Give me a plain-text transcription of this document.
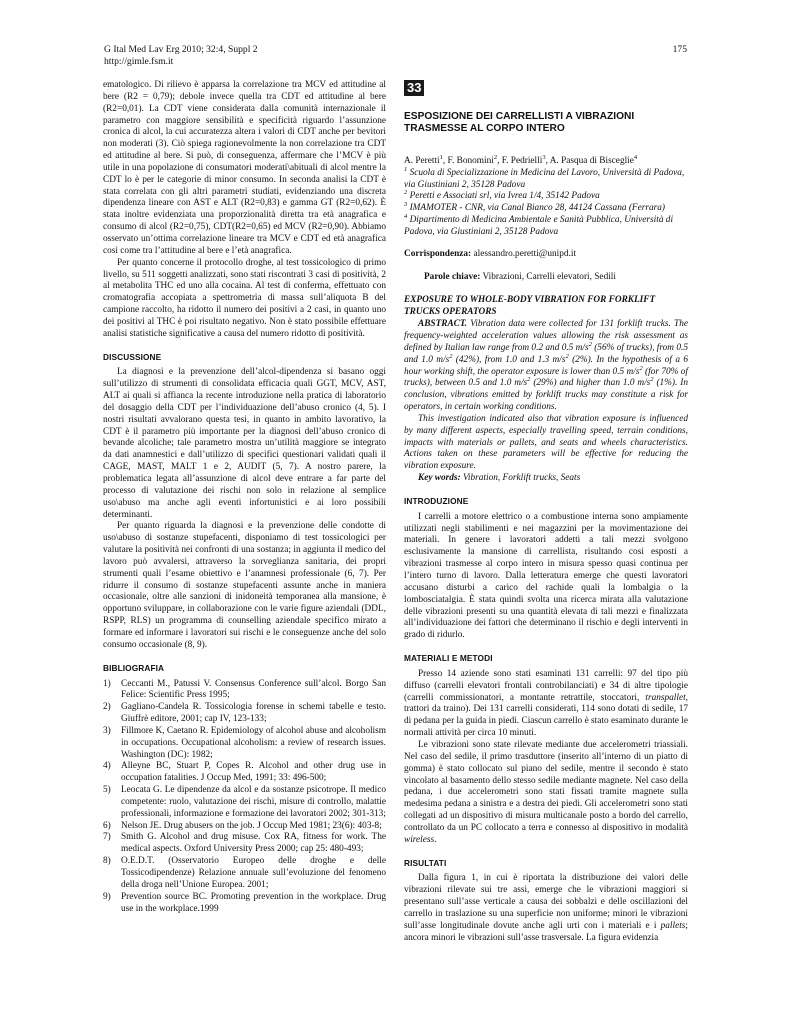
G Ital Med Lav Erg 2010; 32:4, Suppl 2
http://gimle.fsm.it
175

ematologico. Di rilievo è apparsa la correlazione tra MCV ed attitudine al bere (R2 = 0,79); debole invece quella tra CDT ed attitudine al bere (R2=0,01). La CDT viene considerata dalla comunità internazionale il parametro con maggiore sensibilità e specificità riguardo l’assunzione cronica di alcol, la cui accuratezza altera i valori di CDT anche per bevitori non moderati (3). Ciò spiega ragionevolmente la non correlazione tra CDT ed attitudine al bere. Si può, di conseguenza, affermare che l’MCV è più utile in una popolazione di consumatori moderati\abituali di alcol mentre la CDT lo è per le categorie di minor consumo. In seconda analisi la CDT è stata correlata con gli altri parametri studiati, evidenziando una discreta dipendenza lineare con AST e ALT (R2=0,83) e gamma GT (R2=0,62). È stata inoltre evidenziata una proporzionalità diretta tra età anagrafica e consumo di alcol (R2=0,75), CDT(R2=0,65) ed MCV (R2=0,90). Abbiamo osservato un’ottima correlazione lineare tra MCV e CDT ed età anagrafica così come tra l’attitudine al bere e l’età anagrafica.

Per quanto concerne il protocollo droghe, al test tossicologico di primo livello, su 511 soggetti analizzati, sono stati riscontrati 3 casi di positività, 2 al metabolita THC ed uno alla cocaina. Al test di conferma, effettuato con cromatografia accopiata a spettrometria di massa sull’aliquota B del campione raccolto, ha ridotto il numero dei positivi a 2 casi, in quanto uno dei positivi al THC è poi risultato negativo. Non è stato possibile effettuare analisi statistiche significative a causa del numero ridotto di positività.

DISCUSSIONE

La diagnosi e la prevenzione dell’alcol-dipendenza si basano oggi sull’utilizzo di strumenti di consolidata efficacia quali GGT, MCV, AST, ALT ai quali si affianca la recente introduzione nella pratica di laboratorio del dosaggio della CDT per l’individuazione dell’abuso cronico (4, 5). I nostri risultati avvalorano questa tesi, in quanto in ambito lavorativo, la CDT è il parametro più importante per la diagnosi dell’abuso cronico di bevande alcoliche; tale parametro mostra un’utilità maggiore se integrato da dati anamnestici e dall’utilizzo di specifici questionari validati quali il CAGE, MAST, MALT 1 e 2, AUDIT (5, 7). A nostro parere, la problematica legata all’assunzione di alcol deve entrare a far parte del processo di valutazione dei rischi non solo in relazione al semplice uso\abuso ma anche agli eventi infortunistici e ai loro possibili determinanti.

Per quanto riguarda la diagnosi e la prevenzione delle condotte di uso\abuso di sostanze stupefacenti, disponiamo di test tossicologici per valutare la positività nei confronti di una sostanza; in aggiunta il medico del lavoro può avvalersi, attraverso la sorveglianza sanitaria, dei propri strumenti quali l’esame obiettivo e l’anamnesi professionale (6, 7). Per ridurre il consumo di sostanze stupefacenti assunte anche in maniera occasionale, oltre alle sanzioni di inidoneità temporanea alla mansione, è opportuno sviluppare, in collaborazione con le varie figure aziendali (DDL, RSPP, RLS) un programma di counselling aziendale specifico mirato a formare ed informare i lavoratori sui rischi e le conseguenze anche del solo consumo occasionale (8, 9).

BIBLIOGRAFIA
1)	Ceccanti M., Patussi V. Consensus Conference sull’alcol. Borgo San Felice: Scientific Press 1995;
2)	Gagliano-Candela R. Tossicologia forense in schemi tabelle e testo. Giuffrè editore, 2001; cap IV, 123-133;
3)	Fillmore K, Caetano R. Epidemiology of alcohol abuse and alcoholism in occupations. Occupational alcoholism: a review of research issues. Washington (DC): 1982;
4)	Alleyne BC, Stuart P, Copes R. Alcohol and other drug use in occupation fatalities. J Occup Med, 1991; 33: 496-500;
5)	Leocata G. Le dipendenze da alcol e da sostanze psicotrope. Il medico competente: ruolo, valutazione dei rischi, misure di controllo, malattie professionali, informazione e formazione dei lavoratori 2002; 301-313;
6)	Nelson JE. Drug abusers on the job. J Occup Med 1981; 23(6): 403-8;
7)	Smith G. Alcohol and drug misuse. Cox RA, fitness for work. The medical aspects. Oxford University Press 2000; cap 25: 480-493;
8)	O.E.D.T. (Osservatorio Europeo delle droghe e delle Tossicodipendenze) Relazione annuale sull’evoluzione del fenomeno della droga nell’Unione Europea. 2001;
9)	Prevention source BC. Promoting prevention in the workplace. Drug use in the workplace.1999
33
ESPOSIZIONE DEI CARRELLISTI A VIBRAZIONI TRASMESSE AL CORPO INTERO
A. Peretti$^1$, F. Bonomini$^2$, F. Pedrielli$^3$, A. Pasqua di Bisceglie$^4$
$^1$ Scuola di Specializzazione in Medicina del Lavoro, Università di Padova, via Giustiniani 2, 35128 Padova
$^2$ Peretti e Associati srl, via Ivrea 1/4, 35142 Padova
$^3$ IMAMOTER - CNR, via Canal Bianco 28, 44124 Cassana (Ferrara)
$^4$ Dipartimento di Medicina Ambientale e Sanità Pubblica, Università di Padova, via Giustiniani 2, 35128 Padova
Corrispondenza: alessandro.peretti@unipd.it
Parole chiave: Vibrazioni, Carrelli elevatori, Sedili
EXPOSURE TO WHOLE-BODY VIBRATION FOR FORKLIFT TRUCKS OPERATORS

ABSTRACT. Vibration data were collected for 131 forklift trucks. The frequency-weighted acceleration values allowing the risk assessment as defined by Italian law range from 0.2 and 0.5 $m/s^2$ (56% of trucks), from 0.5 and 1.0 $m/s^2$ (42%), from 1.0 and 1.3 $m/s^2$ (2%). In the hypothesis of a 6 hour working shift, the operator exposure is lower than 0.5 $m/s^2$ (for 70% of trucks), between 0.5 and 1.0 $m/s^2$ (29%) and higher than 1.0 $m/s^2$ (1%). In conclusion, vibrations emitted by forklift trucks may constitute a risk for operators, in certain working conditions.

This investigation indicated also that vibration exposure is influenced by many different aspects, especially travelling speed, terrain conditions, impacts with materials or pallets, and seats and wheels characteristics. Actions taken on these parameters will be effective for reducing the vibration exposure.

Key words: Vibration, Forklift trucks, Seats

INTRODUZIONE

I carrelli a motore elettrico o a combustione interna sono ampiamente utilizzati negli stabilimenti e nei magazzini per la movimentazione dei materiali. In genere i lavoratori addetti a tali mezzi svolgono esclusivamente la mansione di carrellista, risultando così esposti a vibrazioni trasmesse al corpo intero in misura spesso quasi continua per l’intero turno di lavoro. Dalla letteratura emerge che questi lavoratori accusano disturbi a carico del rachide quali la lombalgia o la lombosciatalgia. È stata quindi svolta una ricerca mirata alla valutazione delle vibrazioni presenti su una quantità elevata di tali mezzi e finalizzata all’individuazione dei fattori che determinano il rischio e degli interventi in grado di ridurlo.

MATERIALI E METODI

Presso 14 aziende sono stati esaminati 131 carrelli: 97 del tipo più diffuso (carrelli elevatori frontali controbilanciati) e 34 di altre tipologie (carrelli commissionatori, a montante retrattile, stoccatori, transpallet, trattori da traino). Dei 131 carrelli considerati, 114 sono dotati di sedile, 17 di pedana per la guida in piedi. Ciascun carrello è stato esaminato durante le normali attività per circa 10 minuti.

Le vibrazioni sono state rilevate mediante due accelerometri triassiali. Nel caso del sedile, il primo trasduttore (inserito all’interno di un piatto di gomma) è stato collocato sul piano del sedile, mentre il secondo è stato vincolato al basamento dello stesso sedile mediante magnete. Nel caso della pedana, i due accelerometri sono stati fissati tramite magnete sulla medesima pedana a sinistra e a destra dei piedi. Gli accelerometri sono stati collegati ad un dispositivo di misura multicanale posto a bordo del carrello, controllato da un PC collocato a terra e connesso al dispositivo in modalità wireless.

RISULTATI

Dalla figura 1, in cui è riportata la distribuzione dei valori delle vibrazioni rilevate sui tre assi, emerge che le vibrazioni maggiori si presentano sull’asse verticale a causa dei sobbalzi e delle oscillazioni del carrello in traslazione su una superficie non uniforme; minori le vibrazioni sull’asse longitudinale dovute anche agli urti con i materiali e i pallets; ancora minori le vibrazioni sull’asse trasversale. La figura evidenzia
